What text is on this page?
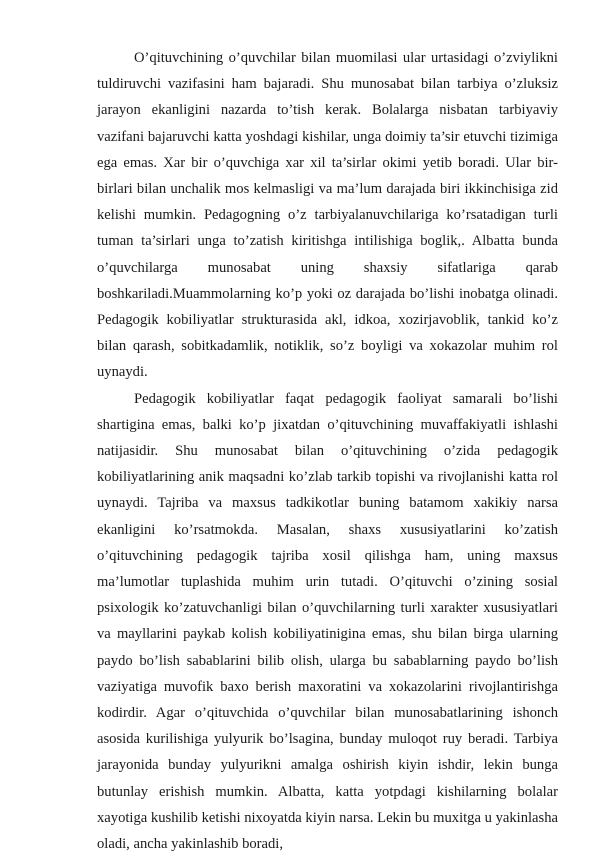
O’qituvchining o’quvchilar bilan muomilasi ular urtasidagi o’zviylikni tuldiruvchi vazifasini ham bajaradi. Shu munosabat bilan tarbiya o’zluksiz jarayon ekanligini nazarda to’tish kerak. Bolalarga nisbatan tarbiyaviy vazifani bajaruvchi katta yoshdagi kishilar, unga doimiy ta’sir etuvchi tizimiga ega emas. Xar bir o’quvchiga xar xil ta’sirlar okimi yetib boradi. Ular bir-birlari bilan unchalik mos kelmasligi va ma’lum darajada biri ikkinchisiga zid kelishi mumkin. Pedagogning o’z tarbiyalanuvchilariga ko’rsatadigan turli tuman ta’sirlari unga to’zatish kiritishga intilishiga boglik,. Albatta bunda o’quvchilarga munosabat uning shaxsiy sifatlariga qarab boshkariladi.Muammolarning ko’p yoki oz darajada bo’lishi inobatga olinadi. Pedagogik kobiliyatlar strukturasida akl, idkoa, xozirjavoblik, tankid ko’z bilan qarash, sobitkadamlik, notiklik, so’z boyligi va xokazolar muhim rol uynaydi.

Pedagogik kobiliyatlar faqat pedagogik faoliyat samarali bo’lishi shartigina emas, balki ko’p jixatdan o’qituvchining muvaffakiyatli ishlashi natijasidir. Shu munosabat bilan o’qituvchining o’zida pedagogik kobiliyatlarining anik maqsadni ko’zlab tarkib topishi va rivojlanishi katta rol uynaydi. Tajriba va maxsus tadkikotlar buning batamom xakikiy narsa ekanligini ko’rsatmokda. Masalan, shaxs xususiyatlarini ko’zatish o’qituvchining pedagogik tajriba xosil qilishga ham, uning maxsus ma’lumotlar tuplashida muhim urin tutadi. O’qituvchi o’zining sosial psixologik ko’zatuvchanligi bilan o’quvchilarning turli xarakter xususiyatlari va mayllarini paykab kolish kobiliyatinigina emas, shu bilan birga ularning paydo bo’lish sabablarini bilib olish, ularga bu sabablarning paydo bo’lish vaziyatiga muvofik baxo berish maxoratini va xokazolarini rivojlantirishga kodirdir. Agar o’qituvchida o’quvchilar bilan munosabatlarining ishonch asosida kurilishiga yulyurik bo’lsagina, bunday muloqot ruy beradi. Tarbiya jarayonida bunday yulyurikni amalga oshirish kiyin ishdir, lekin bunga butunlay erishish mumkin. Albatta, katta yotpdagi kishilarning bolalar xayotiga kushilib ketishi nixoyatda kiyin narsa. Lekin bu muxitga u yakinlasha oladi, ancha yakinlashib boradi,
